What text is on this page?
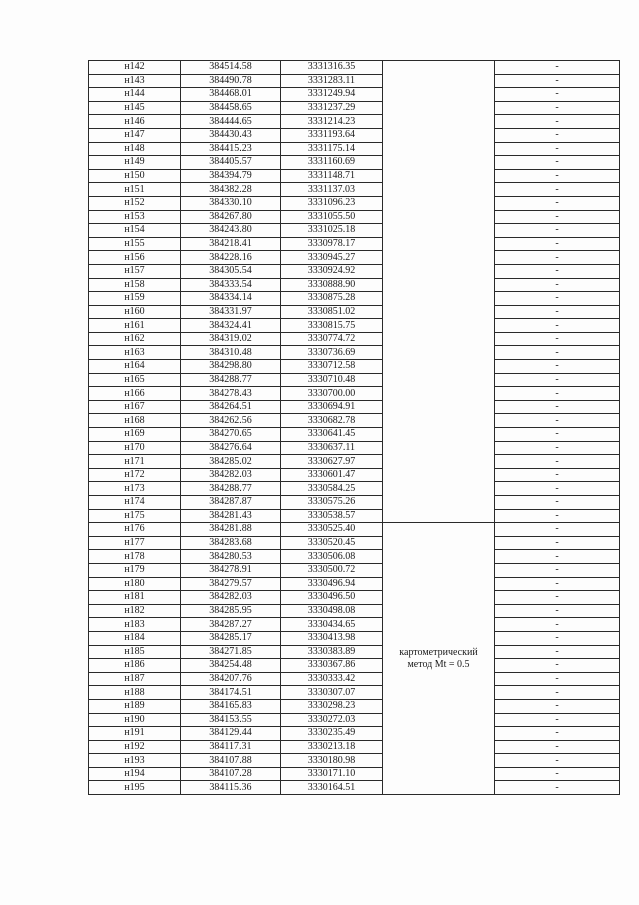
н142	384514.58	3331316.35		-
н143	384490.78	3331283.11		-
н144	384468.01	3331249.94		-
н145	384458.65	3331237.29		-
н146	384444.65	3331214.23		-
н147	384430.43	3331193.64		-
н148	384415.23	3331175.14		-
н149	384405.57	3331160.69		-
н150	384394.79	3331148.71		-
н151	384382.28	3331137.03		-
н152	384330.10	3331096.23		-
н153	384267.80	3331055.50		-
н154	384243.80	3331025.18		-
н155	384218.41	3330978.17		-
н156	384228.16	3330945.27		-
н157	384305.54	3330924.92		-
н158	384333.54	3330888.90		-
н159	384334.14	3330875.28		-
н160	384331.97	3330851.02		-
н161	384324.41	3330815.75		-
н162	384319.02	3330774.72		-
н163	384310.48	3330736.69		-
н164	384298.80	3330712.58		-
н165	384288.77	3330710.48		-
н166	384278.43	3330700.00		-
н167	384264.51	3330694.91		-
н168	384262.56	3330682.78		-
н169	384270.65	3330641.45		-
н170	384276.64	3330637.11		-
н171	384285.02	3330627.97		-
н172	384282.03	3330601.47		-
н173	384288.77	3330584.25		-
н174	384287.87	3330575.26		-
н175	384281.43	3330538.57		-
н176	384281.88	3330525.40	картометрический
метод Mt = 0.5	-
н177	384283.68	3330520.45		-
н178	384280.53	3330506.08		-
н179	384278.91	3330500.72		-
н180	384279.57	3330496.94		-
н181	384282.03	3330496.50		-
н182	384285.95	3330498.08		-
н183	384287.27	3330434.65		-
н184	384285.17	3330413.98		-
н185	384271.85	3330383.89		-
н186	384254.48	3330367.86		-
н187	384207.76	3330333.42		-
н188	384174.51	3330307.07		-
н189	384165.83	3330298.23		-
н190	384153.55	3330272.03		-
н191	384129.44	3330235.49		-
н192	384117.31	3330213.18		-
н193	384107.88	3330180.98		-
н194	384107.28	3330171.10		-
н195	384115.36	3330164.51		-
